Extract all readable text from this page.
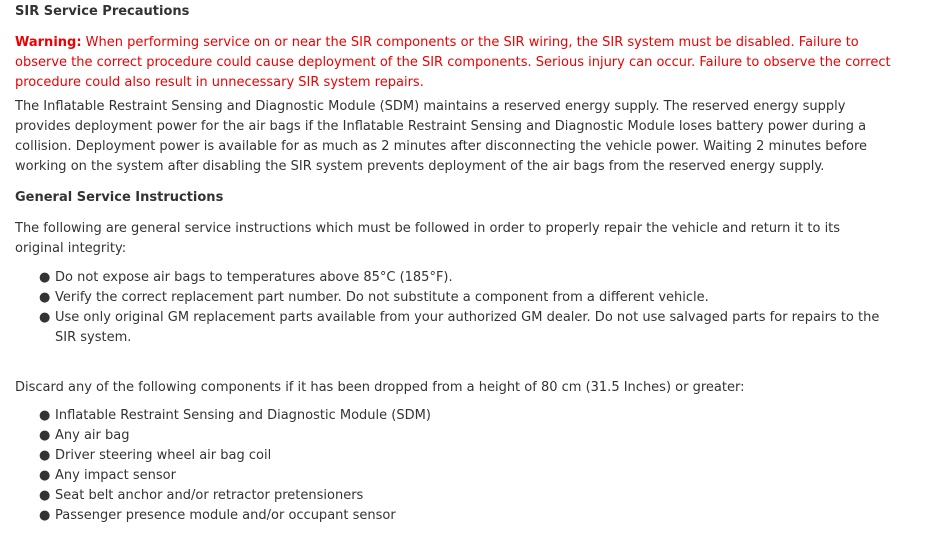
SIR Service Precautions

Warning: When performing service on or near the SIR components or the SIR wiring, the SIR system must be disabled. Failure to observe the correct procedure could cause deployment of the SIR components. Serious injury can occur. Failure to observe the correct procedure could also result in unnecessary SIR system repairs.

The Inflatable Restraint Sensing and Diagnostic Module (SDM) maintains a reserved energy supply. The reserved energy supply provides deployment power for the air bags if the Inflatable Restraint Sensing and Diagnostic Module loses battery power during a collision. Deployment power is available for as much as 2 minutes after disconnecting the vehicle power. Waiting 2 minutes before working on the system after disabling the SIR system prevents deployment of the air bags from the reserved energy supply.

General Service Instructions

The following are general service instructions which must be followed in order to properly repair the vehicle and return it to its original integrity:

● Do not expose air bags to temperatures above 85°C (185°F).
● Verify the correct replacement part number. Do not substitute a component from a different vehicle.
● Use only original GM replacement parts available from your authorized GM dealer. Do not use salvaged parts for repairs to the SIR system.

Discard any of the following components if it has been dropped from a height of 80 cm (31.5 Inches) or greater:

● Inflatable Restraint Sensing and Diagnostic Module (SDM)
● Any air bag
● Driver steering wheel air bag coil
● Any impact sensor
● Seat belt anchor and/or retractor pretensioners
● Passenger presence module and/or occupant sensor
